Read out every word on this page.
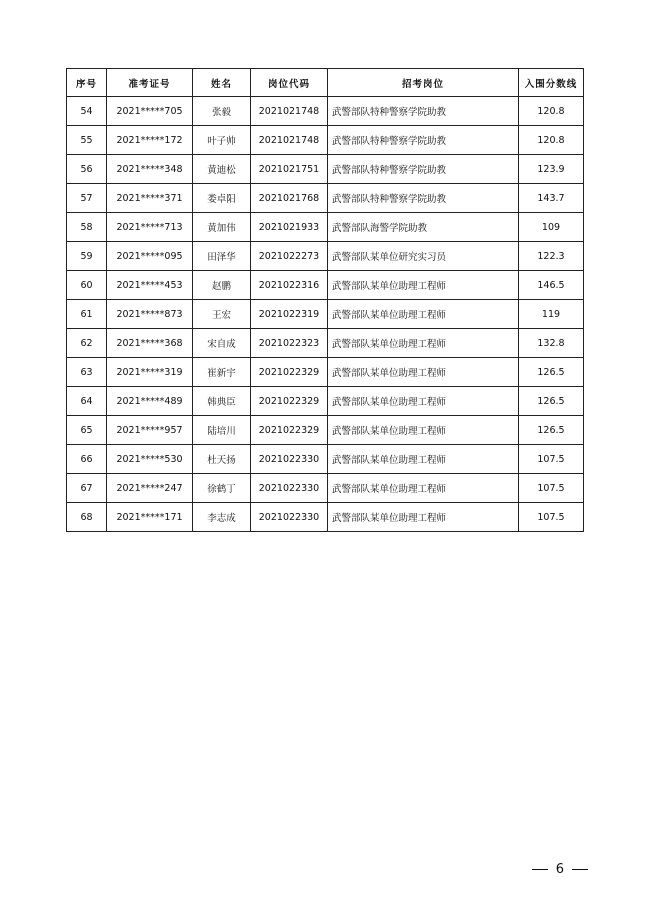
序号	准考证号	姓名	岗位代码	招考岗位	入围分数线
54	2021*****705	张毅	2021021748	武警部队特种警察学院助教	120.8
55	2021*****172	叶子帅	2021021748	武警部队特种警察学院助教	120.8
56	2021*****348	黄迪松	2021021751	武警部队特种警察学院助教	123.9
57	2021*****371	娄卓阳	2021021768	武警部队特种警察学院助教	143.7
58	2021*****713	黄加伟	2021021933	武警部队海警学院助教	109
59	2021*****095	田泽华	2021022273	武警部队某单位研究实习员	122.3
60	2021*****453	赵鹏	2021022316	武警部队某单位助理工程师	146.5
61	2021*****873	王宏	2021022319	武警部队某单位助理工程师	119
62	2021*****368	宋自成	2021022323	武警部队某单位助理工程师	132.8
63	2021*****319	崔新宇	2021022329	武警部队某单位助理工程师	126.5
64	2021*****489	韩典臣	2021022329	武警部队某单位助理工程师	126.5
65	2021*****957	陆培川	2021022329	武警部队某单位助理工程师	126.5
66	2021*****530	杜天扬	2021022330	武警部队某单位助理工程师	107.5
67	2021*****247	徐鹤丁	2021022330	武警部队某单位助理工程师	107.5
68	2021*****171	李志成	2021022330	武警部队某单位助理工程师	107.5
6
